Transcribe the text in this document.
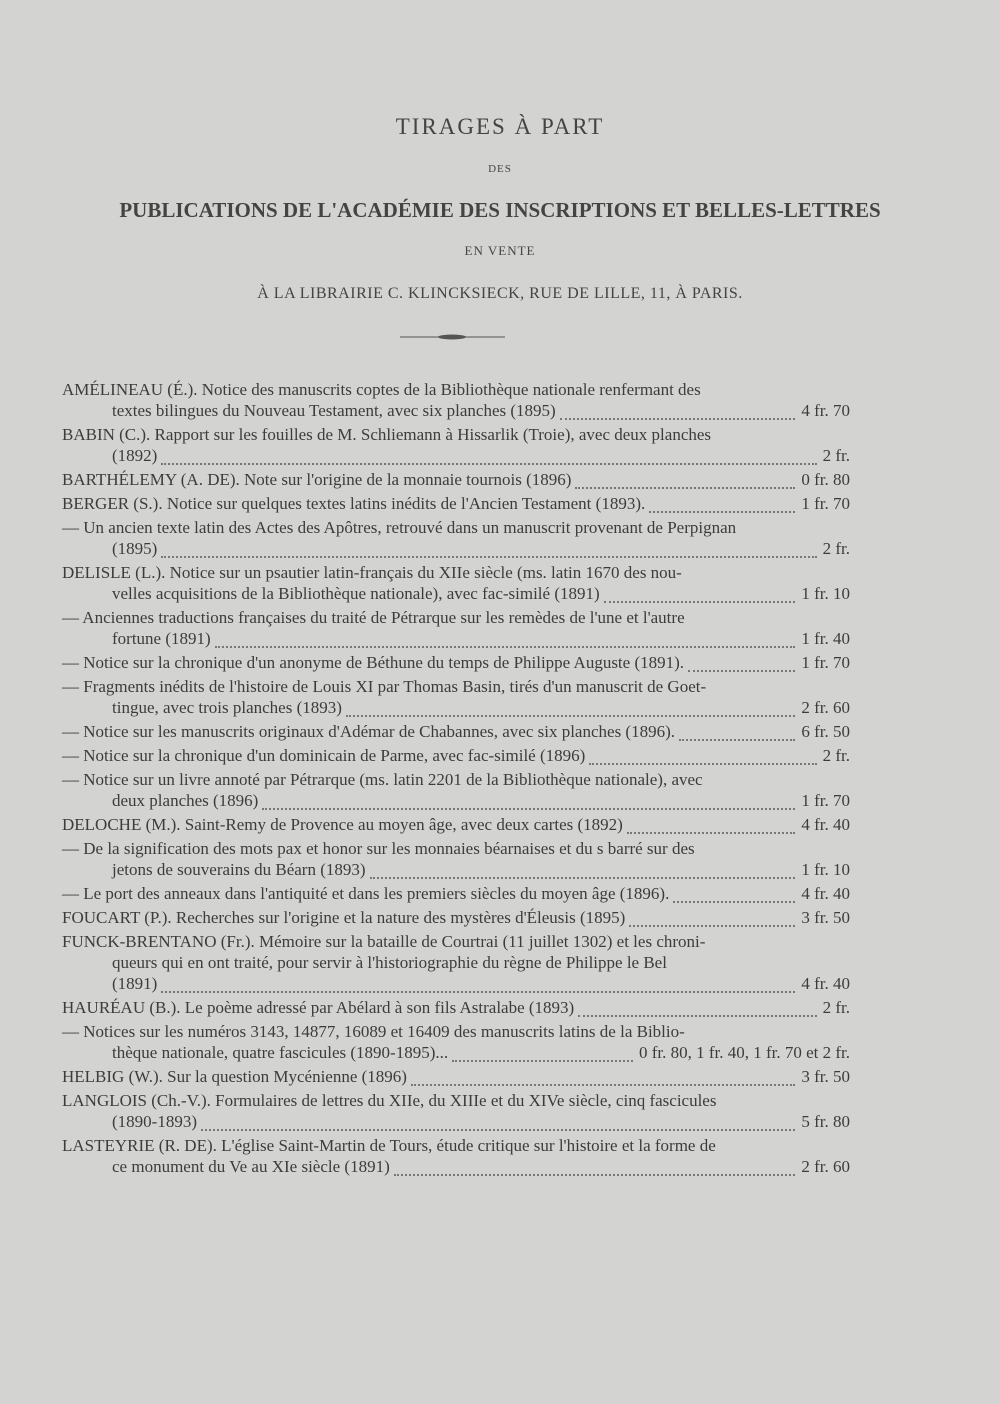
TIRAGES À PART
DES
PUBLICATIONS DE L'ACADÉMIE DES INSCRIPTIONS ET BELLES-LETTRES
EN VENTE
À LA LIBRAIRIE C. KLINCKSIECK, RUE DE LILLE, 11, À PARIS.
AMÉLINEAU (É.). Notice des manuscrits coptes de la Bibliothèque nationale renfermant des
textes bilingues du Nouveau Testament, avec six planches (1895)	4 fr. 70
BABIN (C.). Rapport sur les fouilles de M. Schliemann à Hissarlik (Troie), avec deux planches
(1892)	2 fr.
BARTHÉLEMY (A. DE). Note sur l'origine de la monnaie tournois (1896)	0 fr. 80
BERGER (S.). Notice sur quelques textes latins inédits de l'Ancien Testament (1893).	1 fr. 70
— Un ancien texte latin des Actes des Apôtres, retrouvé dans un manuscrit provenant de Perpignan
(1895)	2 fr.
DELISLE (L.). Notice sur un psautier latin-français du XIIe siècle (ms. latin 1670 des nou-
velles acquisitions de la Bibliothèque nationale), avec fac-similé (1891)	1 fr. 10
— Anciennes traductions françaises du traité de Pétrarque sur les remèdes de l'une et l'autre
fortune (1891)	1 fr. 40
— Notice sur la chronique d'un anonyme de Béthune du temps de Philippe Auguste (1891).	1 fr. 70
— Fragments inédits de l'histoire de Louis XI par Thomas Basin, tirés d'un manuscrit de Goet-
tingue, avec trois planches (1893)	2 fr. 60
— Notice sur les manuscrits originaux d'Adémar de Chabannes, avec six planches (1896).	6 fr. 50
— Notice sur la chronique d'un dominicain de Parme, avec fac-similé (1896)	2 fr.
— Notice sur un livre annoté par Pétrarque (ms. latin 2201 de la Bibliothèque nationale), avec
deux planches (1896)	1 fr. 70
DELOCHE (M.). Saint-Remy de Provence au moyen âge, avec deux cartes (1892)	4 fr. 40
— De la signification des mots pax et honor sur les monnaies béarnaises et du s barré sur des
jetons de souverains du Béarn (1893)	1 fr. 10
— Le port des anneaux dans l'antiquité et dans les premiers siècles du moyen âge (1896).	4 fr. 40
FOUCART (P.). Recherches sur l'origine et la nature des mystères d'Éleusis (1895)	3 fr. 50
FUNCK-BRENTANO (Fr.). Mémoire sur la bataille de Courtrai (11 juillet 1302) et les chroni-
queurs qui en ont traité, pour servir à l'historiographie du règne de Philippe le Bel
(1891)	4 fr. 40
HAURÉAU (B.). Le poème adressé par Abélard à son fils Astralabe (1893)	2 fr.
— Notices sur les numéros 3143, 14877, 16089 et 16409 des manuscrits latins de la Biblio-
thèque nationale, quatre fascicules (1890-1895)...	0 fr. 80, 1 fr. 40, 1 fr. 70 et 2 fr.
HELBIG (W.). Sur la question Mycénienne (1896)	3 fr. 50
LANGLOIS (Ch.-V.). Formulaires de lettres du XIIe, du XIIIe et du XIVe siècle, cinq fascicules
(1890-1893)	5 fr. 80
LASTEYRIE (R. DE). L'église Saint-Martin de Tours, étude critique sur l'histoire et la forme de
ce monument du Ve au XIe siècle (1891)	2 fr. 60
